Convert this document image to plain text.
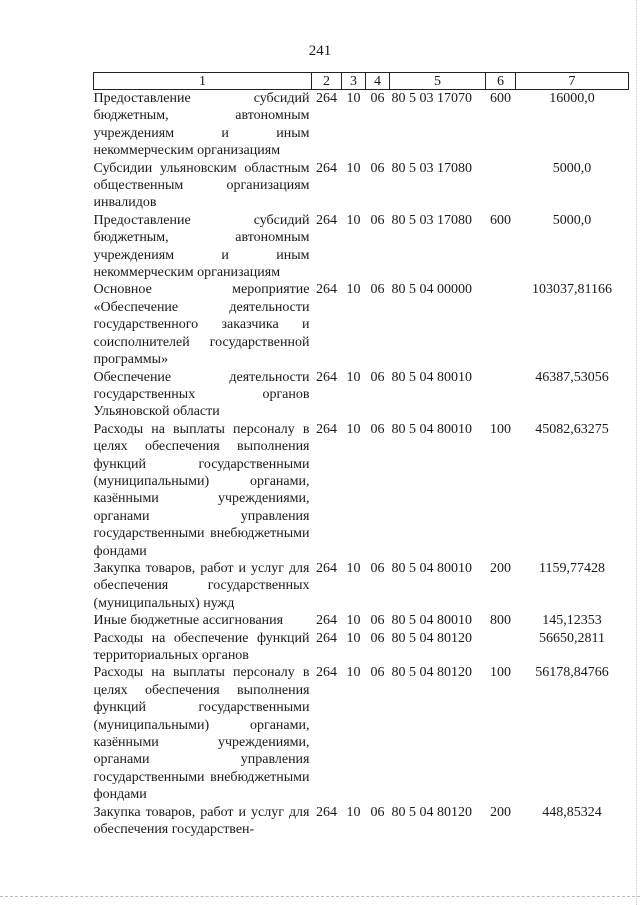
241
1	2	3	4	5	6	7
Предоставление субсидий бюджетным, автономным учреждениям и иным некоммерческим организациям	264	10	06	80 5 03 17070	600	16000,0
Субсидии ульяновским областным общественным организациям инвалидов	264	10	06	80 5 03 17080		5000,0
Предоставление субсидий бюджетным, автономным учреждениям и иным некоммерческим организациям	264	10	06	80 5 03 17080	600	5000,0
Основное мероприятие «Обеспечение деятельности государственного заказчика и соисполнителей государственной программы»	264	10	06	80 5 04 00000		103037,81166
Обеспечение деятельности государственных органов Ульяновской области	264	10	06	80 5 04 80010		46387,53056
Расходы на выплаты персоналу в целях обеспечения выполнения функций государственными (муниципальными) органами, казёнными учреждениями, органами управления государственными внебюджетными фондами	264	10	06	80 5 04 80010	100	45082,63275
Закупка товаров, работ и услуг для обеспечения государственных (муниципальных) нужд	264	10	06	80 5 04 80010	200	1159,77428
Иные бюджетные ассигнования	264	10	06	80 5 04 80010	800	145,12353
Расходы на обеспечение функций территориальных органов	264	10	06	80 5 04 80120		56650,2811
Расходы на выплаты персоналу в целях обеспечения выполнения функций государственными (муниципальными) органами, казёнными учреждениями, органами управления государственными внебюджетными фондами	264	10	06	80 5 04 80120	100	56178,84766
Закупка товаров, работ и услуг для обеспечения государствен-	264	10	06	80 5 04 80120	200	448,85324
